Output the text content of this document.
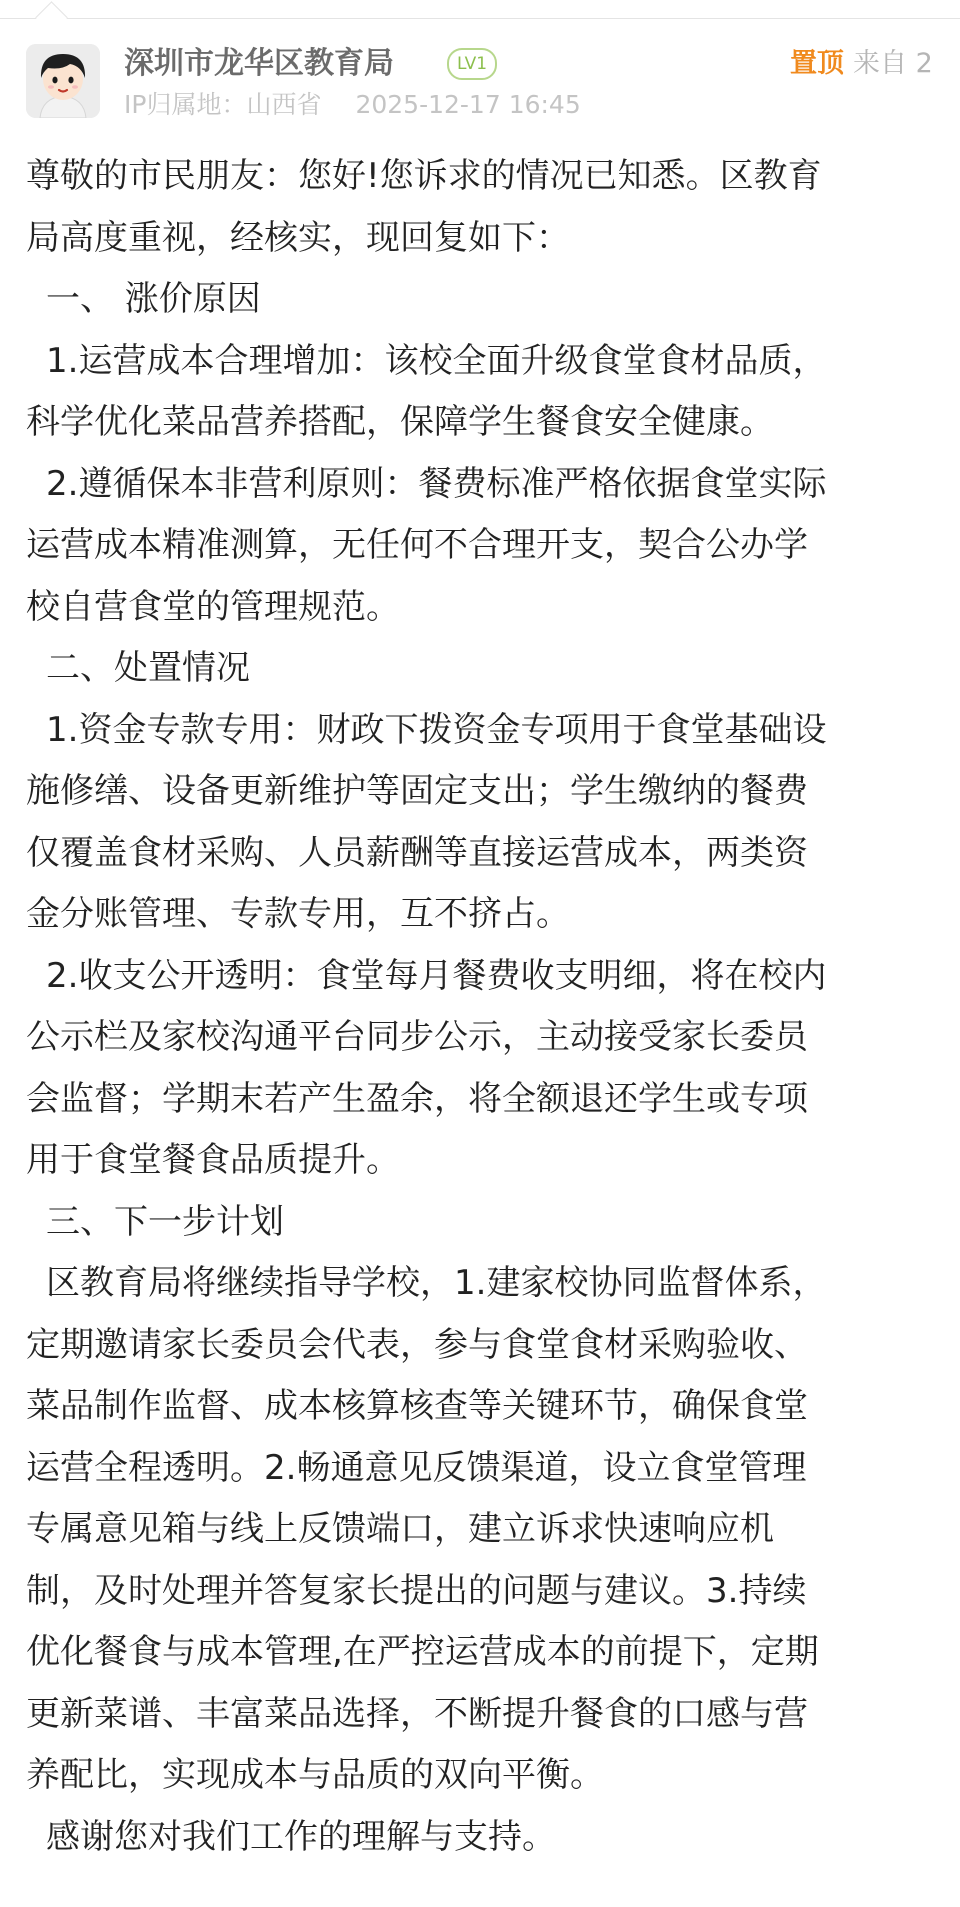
深圳市龙华区教育局	LV1	置顶 来自 2
IP归属地：山西省 2025-12-17 16:45

尊敬的市民朋友：您好!您诉求的情况已知悉。区教育

局高度重视，经核实，现回复如下：

一、 涨价原因

1.运营成本合理增加：该校全面升级食堂食材品质，

科学优化菜品营养搭配，保障学生餐食安全健康。

2.遵循保本非营利原则：餐费标准严格依据食堂实际

运营成本精准测算，无任何不合理开支，契合公办学

校自营食堂的管理规范。

二、处置情况

1.资金专款专用：财政下拨资金专项用于食堂基础设

施修缮、设备更新维护等固定支出；学生缴纳的餐费

仅覆盖食材采购、人员薪酬等直接运营成本，两类资

金分账管理、专款专用，互不挤占。

2.收支公开透明：食堂每月餐费收支明细，将在校内

公示栏及家校沟通平台同步公示，主动接受家长委员

会监督；学期末若产生盈余，将全额退还学生或专项

用于食堂餐食品质提升。

三、下一步计划

区教育局将继续指导学校，1.建家校协同监督体系，

定期邀请家长委员会代表，参与食堂食材采购验收、

菜品制作监督、成本核算核查等关键环节，确保食堂

运营全程透明。2.畅通意见反馈渠道，设立食堂管理

专属意见箱与线上反馈端口，建立诉求快速响应机

制，及时处理并答复家长提出的问题与建议。3.持续

优化餐食与成本管理,在严控运营成本的前提下，定期

更新菜谱、丰富菜品选择，不断提升餐食的口感与营

养配比，实现成本与品质的双向平衡。

感谢您对我们工作的理解与支持。
